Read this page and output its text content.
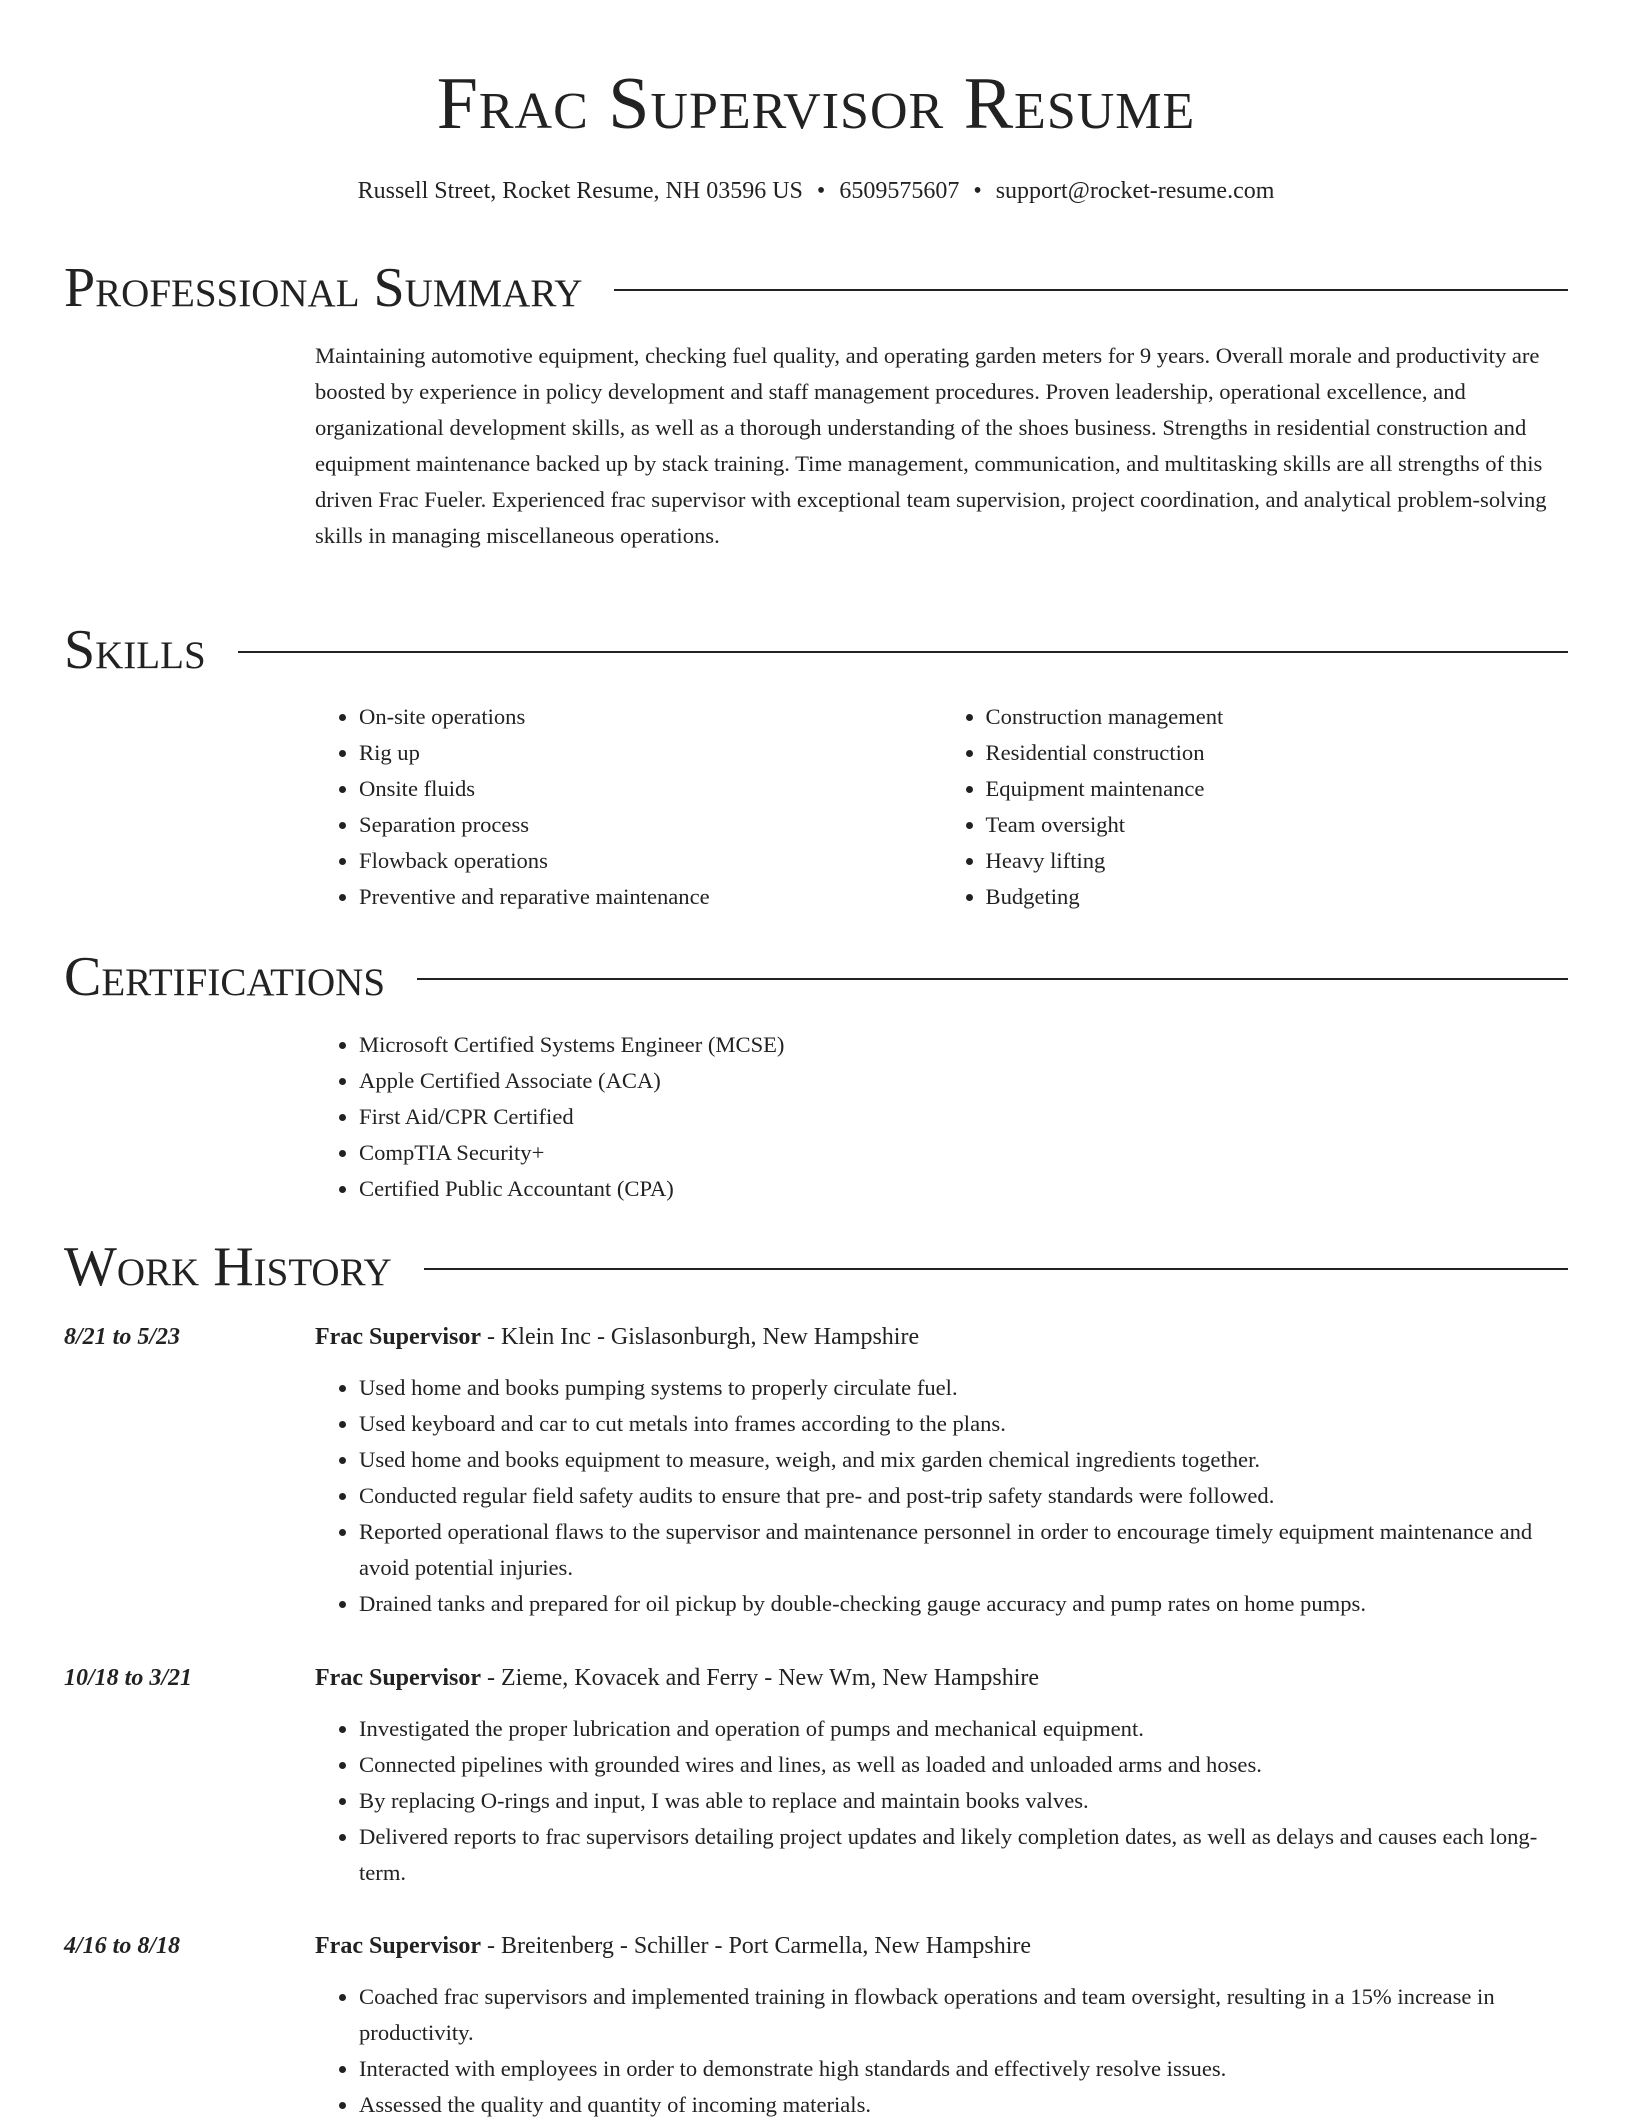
Frac Supervisor Resume
Russell Street, Rocket Resume, NH 03596 US • 6509575607 • support@rocket-resume.com
Professional Summary

Maintaining automotive equipment, checking fuel quality, and operating garden meters for 9 years. Overall morale and productivity are boosted by experience in policy development and staff management procedures. Proven leadership, operational excellence, and organizational development skills, as well as a thorough understanding of the shoes business. Strengths in residential construction and equipment maintenance backed up by stack training. Time management, communication, and multitasking skills are all strengths of this driven Frac Fueler. Experienced frac supervisor with exceptional team supervision, project coordination, and analytical problem-solving skills in managing miscellaneous operations.

Skills
• On-site operations
• Rig up
• Onsite fluids
• Separation process
• Flowback operations
• Preventive and reparative maintenance
• Construction management
• Residential construction
• Equipment maintenance
• Team oversight
• Heavy lifting
• Budgeting
Certifications
• Microsoft Certified Systems Engineer (MCSE)
• Apple Certified Associate (ACA)
• First Aid/CPR Certified
• CompTIA Security+
• Certified Public Accountant (CPA)
Work History
8/21 to 5/23	Frac Supervisor - Klein Inc - Gislasonburgh, New Hampshire
• Used home and books pumping systems to properly circulate fuel.
• Used keyboard and car to cut metals into frames according to the plans.
• Used home and books equipment to measure, weigh, and mix garden chemical ingredients together.
• Conducted regular field safety audits to ensure that pre- and post-trip safety standards were followed.
• Reported operational flaws to the supervisor and maintenance personnel in order to encourage timely equipment maintenance and avoid potential injuries.
• Drained tanks and prepared for oil pickup by double-checking gauge accuracy and pump rates on home pumps.
10/18 to 3/21	Frac Supervisor - Zieme, Kovacek and Ferry - New Wm, New Hampshire
• Investigated the proper lubrication and operation of pumps and mechanical equipment.
• Connected pipelines with grounded wires and lines, as well as loaded and unloaded arms and hoses.
• By replacing O-rings and input, I was able to replace and maintain books valves.
• Delivered reports to frac supervisors detailing project updates and likely completion dates, as well as delays and causes each long-term.
4/16 to 8/18	Frac Supervisor - Breitenberg - Schiller - Port Carmella, New Hampshire
• Coached frac supervisors and implemented training in flowback operations and team oversight, resulting in a 15% increase in productivity.
• Interacted with employees in order to demonstrate high standards and effectively resolve issues.
• Assessed the quality and quantity of incoming materials.
